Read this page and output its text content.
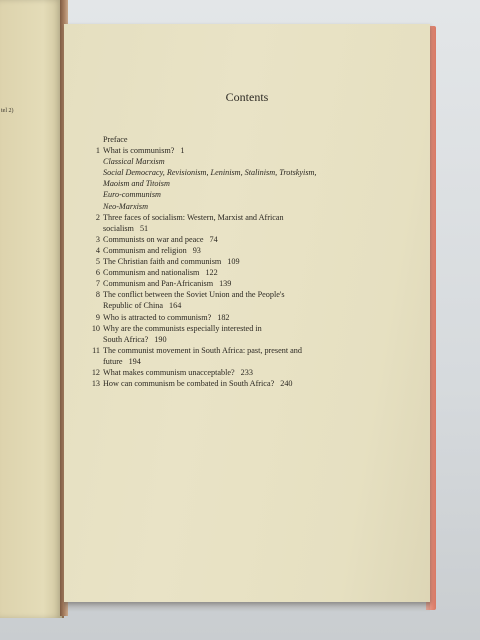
tel 2)
Contents
Preface
1 What is communism? 1
Classical Marxism
Social Democracy, Revisionism, Leninism, Stalinism, Trotskyism,
Maoism and Titoism
Euro-communism
Neo-Marxism
2 Three faces of socialism: Western, Marxist and African
socialism 51
3 Communists on war and peace 74
4 Communism and religion 93
5 The Christian faith and communism 109
6 Communism and nationalism 122
7 Communism and Pan-Africanism 139
8 The conflict between the Soviet Union and the People's
Republic of China 164
9 Who is attracted to communism? 182
10 Why are the communists especially interested in
South Africa? 190
11 The communist movement in South Africa: past, present and
future 194
12 What makes communism unacceptable? 233
13 How can communism be combated in South Africa? 240
